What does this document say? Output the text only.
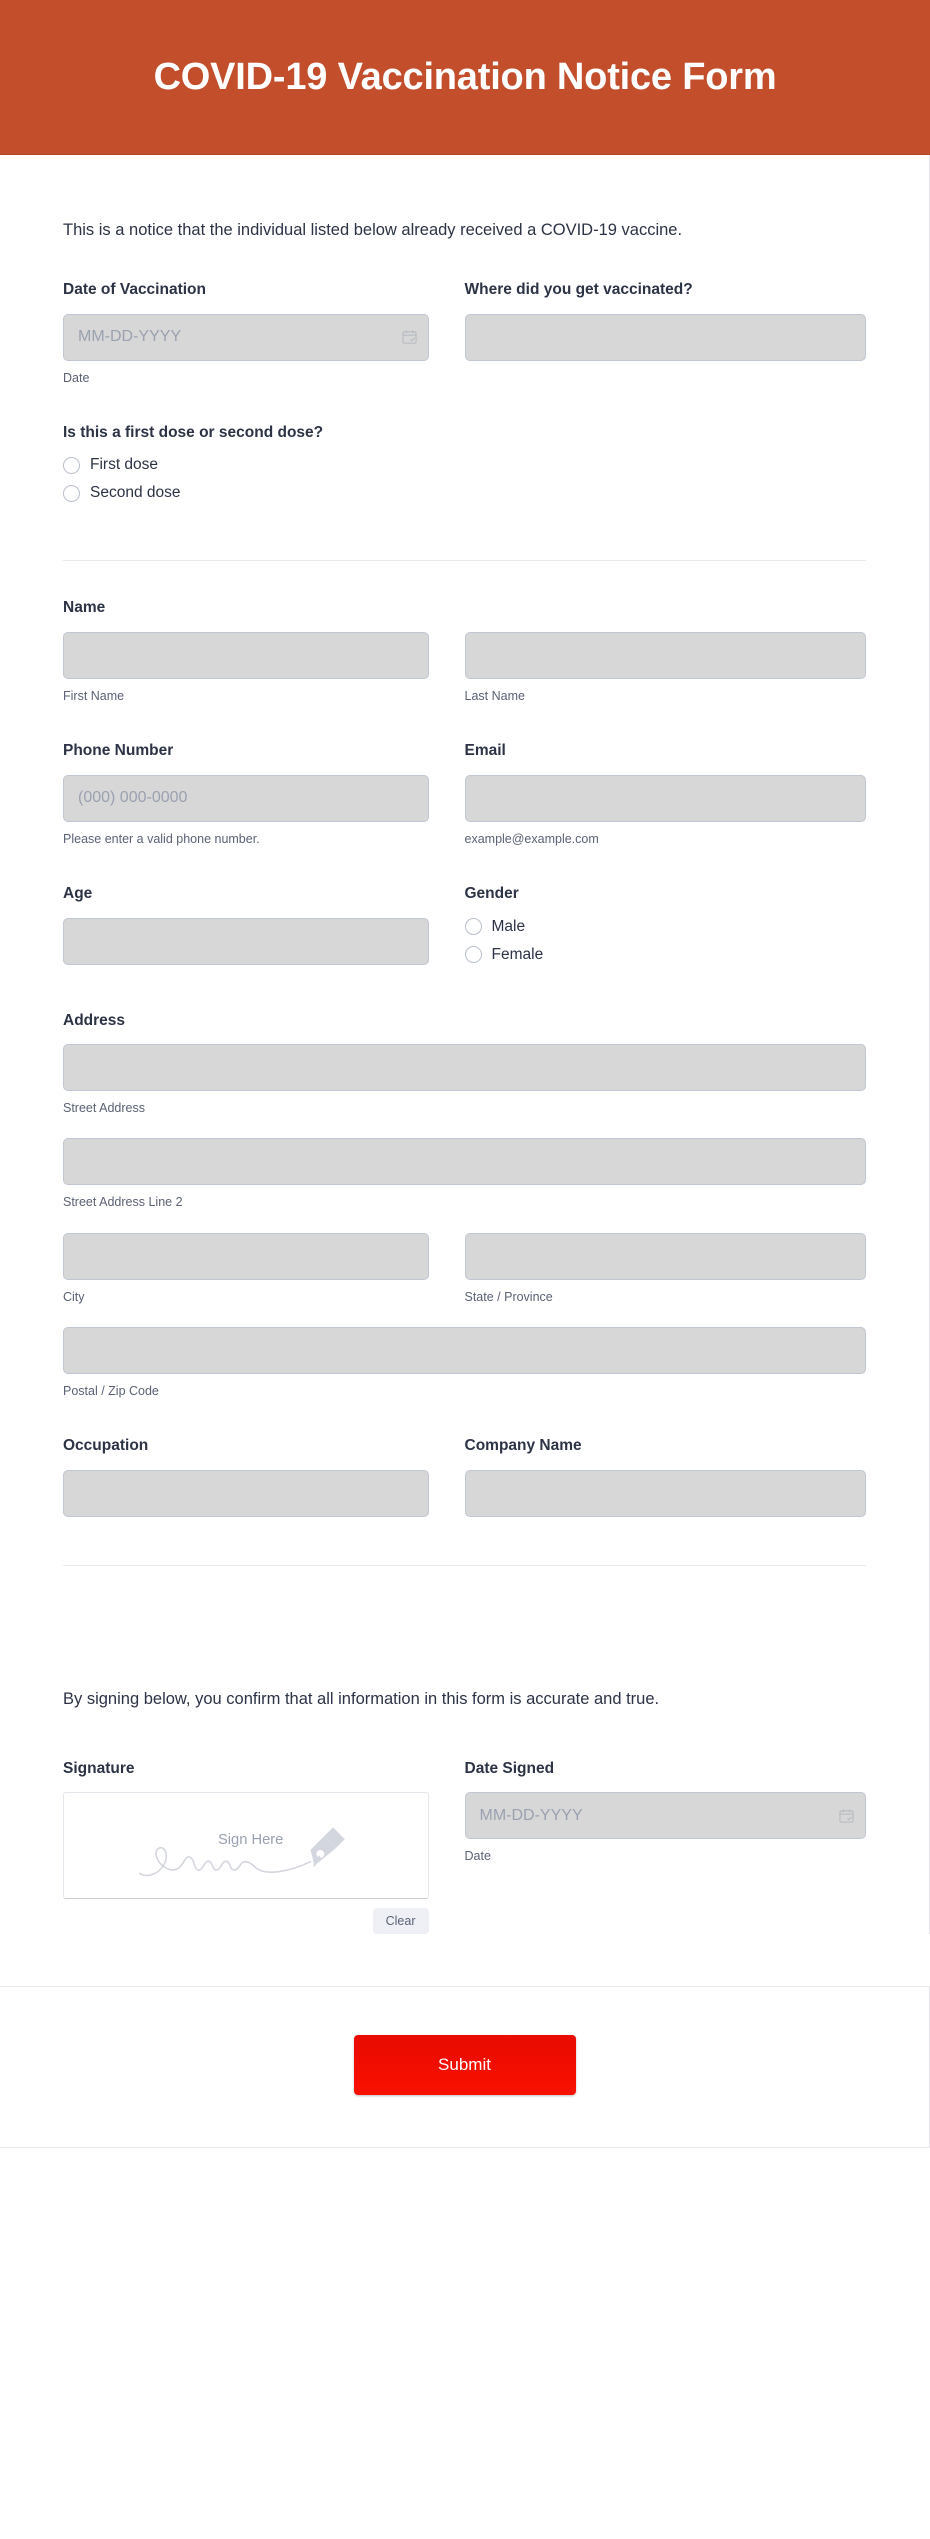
COVID-19 Vaccination Notice Form
This is a notice that the individual listed below already received a COVID-19 vaccine.
Date of Vaccination
MM-DD-YYYY
Date
Where did you get vaccinated?
Is this a first dose or second dose?
First dose
Second dose
Name
First Name	Last Name
Phone Number
(000) 000-0000
Please enter a valid phone number.
Email
example@example.com
Age	Gender
Male
Female
Address
Street Address
Street Address Line 2
City	State / Province
Postal / Zip Code
Occupation	Company Name
By signing below, you confirm that all information in this form is accurate and true.
Signature
Sign Here
Clear
Date Signed
MM-DD-YYYY
Date
Submit
